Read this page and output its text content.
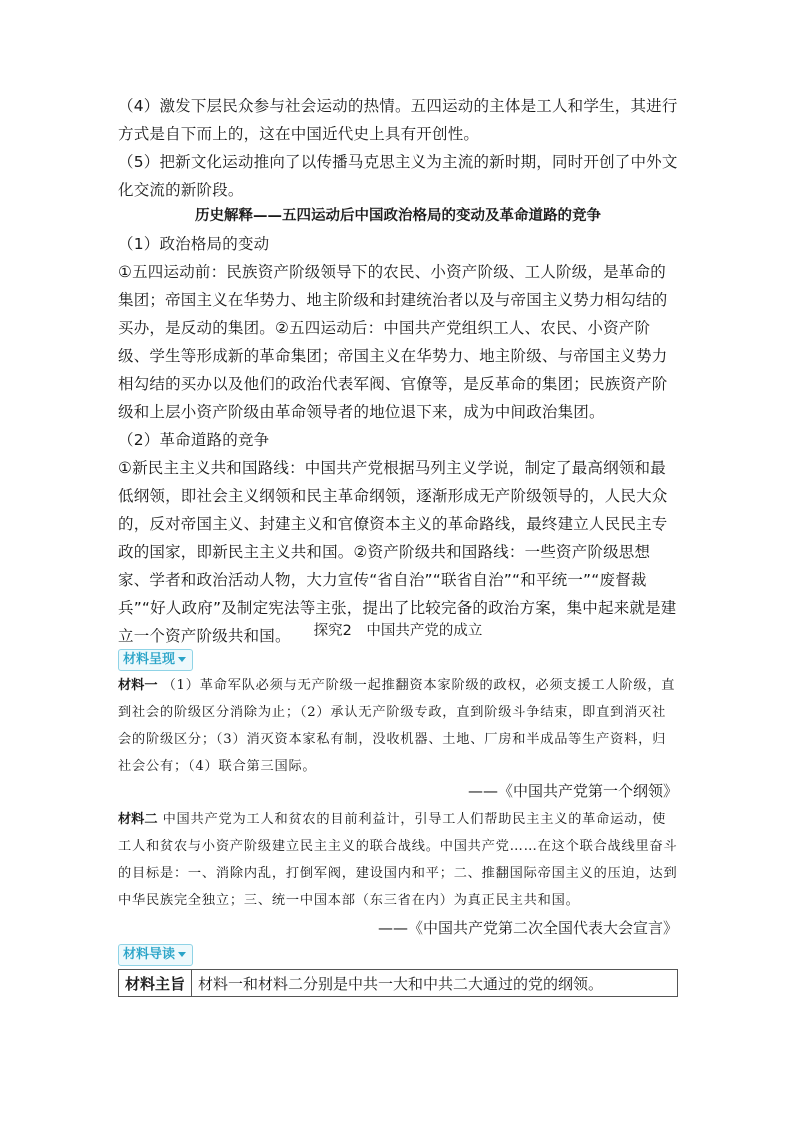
（4）激发下层民众参与社会运动的热情。五四运动的主体是工人和学生，其进行方式是自下而上的，这在中国近代史上具有开创性。

（5）把新文化运动推向了以传播马克思主义为主流的新时期，同时开创了中外文化交流的新阶段。

历史解释——五四运动后中国政治格局的变动及革命道路的竞争

（1）政治格局的变动

①五四运动前：民族资产阶级领导下的农民、小资产阶级、工人阶级，是革命的集团；帝国主义在华势力、地主阶级和封建统治者以及与帝国主义势力相勾结的买办，是反动的集团。②五四运动后：中国共产党组织工人、农民、小资产阶级、学生等形成新的革命集团；帝国主义在华势力、地主阶级、与帝国主义势力相勾结的买办以及他们的政治代表军阀、官僚等，是反革命的集团；民族资产阶级和上层小资产阶级由革命领导者的地位退下来，成为中间政治集团。

（2）革命道路的竞争

①新民主主义共和国路线：中国共产党根据马列主义学说，制定了最高纲领和最低纲领，即社会主义纲领和民主革命纲领，逐渐形成无产阶级领导的，人民大众的，反对帝国主义、封建主义和官僚资本主义的革命路线，最终建立人民民主专政的国家，即新民主主义共和国。②资产阶级共和国路线：一些资产阶级思想家、学者和政治活动人物，大力宣传“省自治”“联省自治”“和平统一”“废督裁兵”“好人政府”及制定宪法等主张，提出了比较完备的政治方案，集中起来就是建立一个资产阶级共和国。	探究2　中国共产党的成立
材料呈现
材料一 （1）革命军队必须与无产阶级一起推翻资本家阶级的政权，必须支援工人阶级，直到社会的阶级区分消除为止；（2）承认无产阶级专政，直到阶级斗争结束，即直到消灭社会的阶级区分；（3）消灭资本家私有制，没收机器、土地、厂房和半成品等生产资料，归社会公有；（4）联合第三国际。
——《中国共产党第一个纲领》
材料二 中国共产党为工人和贫农的目前利益计，引导工人们帮助民主主义的革命运动，使工人和贫农与小资产阶级建立民主主义的联合战线。中国共产党……在这个联合战线里奋斗的目标是：一、消除内乱，打倒军阀，建设国内和平；二、推翻国际帝国主义的压迫，达到中华民族完全独立；三、统一中国本部（东三省在内）为真正民主共和国。
——《中国共产党第二次全国代表大会宣言》
材料导读
材料主旨	材料一和材料二分别是中共一大和中共二大通过的党的纲领。
